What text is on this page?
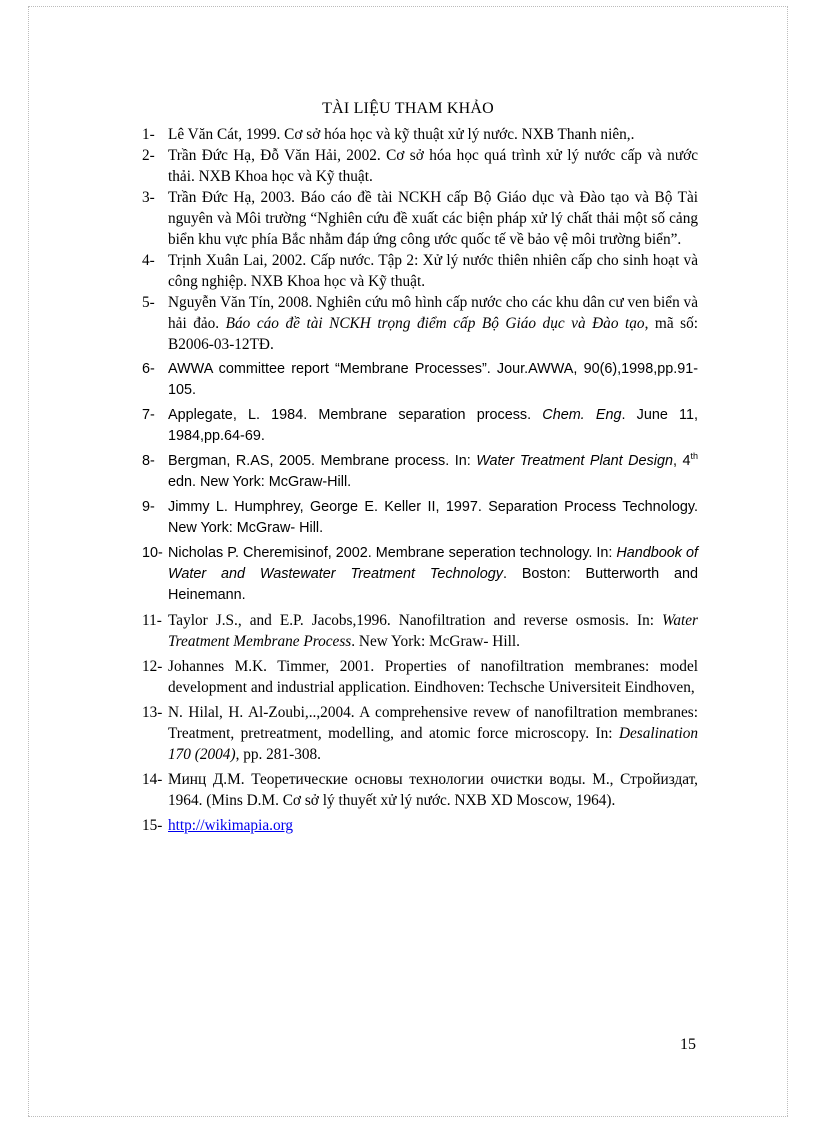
TÀI LIỆU THAM KHẢO
1- Lê Văn Cát, 1999. Cơ sở hóa học và kỹ thuật xử lý nước. NXB Thanh niên,.
2- Trần Đức Hạ, Đỗ Văn Hải, 2002. Cơ sở hóa học quá trình xử lý nước cấp và nước thải. NXB Khoa học và Kỹ thuật.
3- Trần Đức Hạ, 2003. Báo cáo đề tài NCKH cấp Bộ Giáo dục và Đào tạo và Bộ Tài nguyên và Môi trường “Nghiên cứu đề xuất các biện pháp xử lý chất thải một số cảng biển khu vực phía Bắc nhằm đáp ứng công ước quốc tế về bảo vệ môi trường biển”.
4- Trịnh Xuân Lai, 2002. Cấp nước. Tập 2: Xử lý nước thiên nhiên cấp cho sinh hoạt và công nghiệp. NXB Khoa học và Kỹ thuật.
5- Nguyễn Văn Tín, 2008. Nghiên cứu mô hình cấp nước cho các khu dân cư ven biển và hải đảo. Báo cáo đề tài NCKH trọng điểm cấp Bộ Giáo dục và Đào tạo, mã số: B2006-03-12TĐ.
6- AWWA committee report “Membrane Processes”. Jour.AWWA, 90(6),1998,pp.91-105.
7- Applegate, L. 1984. Membrane separation process. Chem. Eng. June 11, 1984,pp.64-69.
8- Bergman, R.AS, 2005. Membrane process. In: Water Treatment Plant Design, 4th edn. New York: McGraw-Hill.
9- Jimmy L. Humphrey, George E. Keller II, 1997. Separation Process Technology. New York: McGraw- Hill.
10- Nicholas P. Cheremisinof, 2002. Membrane seperation technology. In: Handbook of Water and Wastewater Treatment Technology. Boston: Butterworth and Heinemann.
11- Taylor J.S., and E.P. Jacobs,1996. Nanofiltration and reverse osmosis. In: Water Treatment Membrane Process. New York: McGraw- Hill.
12- Johannes M.K. Timmer, 2001. Properties of nanofiltration membranes: model development and industrial application. Eindhoven: Techsche Universiteit Eindhoven,
13- N. Hilal, H. Al-Zoubi,..,2004. A comprehensive revew of nanofiltration membranes: Treatment, pretreatment, modelling, and atomic force microscopy. In: Desalination 170 (2004), pp. 281-308.
14- Минц Д.М. Теоретические основы технологии очистки воды. М., Стройиздат, 1964. (Mins D.M. Cơ sở lý thuyết xử lý nước. NXB XD Moscow, 1964).
15- http://wikimapia.org
15
